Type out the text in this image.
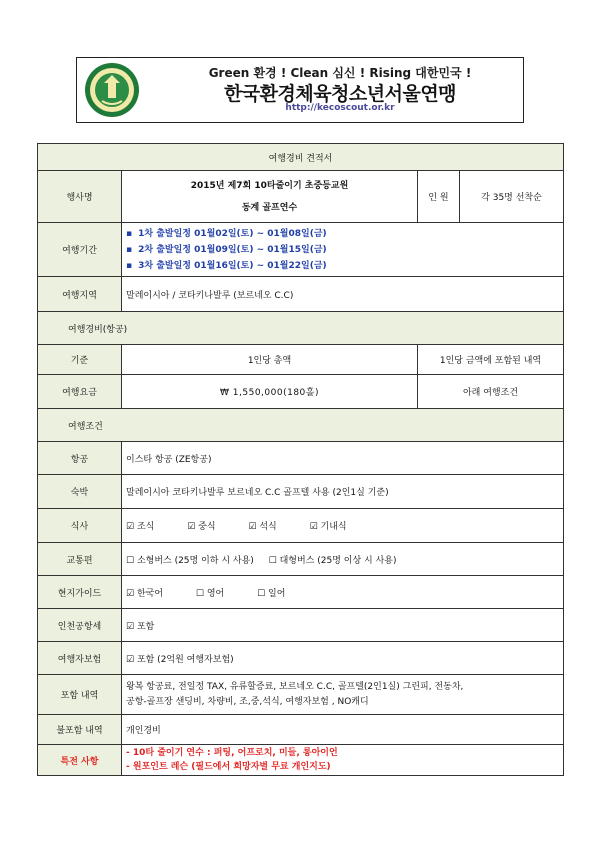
Green 환경 ! Clean 심신 ! Rising 대한민국 !
한국환경체육청소년서울연맹
http://kecoscout.or.kr
여행경비 견적서			
행사명	2015년 제7회 10타줄이기 초중등교원
동계 골프연수	인 원	각 35명 선착순
여행기간	▪ 1차 출발일정 01월02일(토) ~ 01월08일(금)
▪ 2차 출발일정 01월09일(토) ~ 01월15일(금)
▪ 3차 출발일정 01월16일(토) ~ 01월22일(금)		

여행지역	말레이시아 / 코타키나발루 (보르네오 C.C)		
여행경비(항공)			
기준	1인당 총액	1인당 금액에 포함된 내역	
여행요금	₩ 1,550,000(180홀)	아래 여행조건	
여행조건			
항공	이스타 항공 (ZE항공)		
숙박	말레이시아 코타키나발루 보르네오 C.C 골프텔 사용 (2인1실 기준)		
식사	☑ 조식 ☑ 중식 ☑ 석식 ☑ 기내식		
교통편	☐ 소형버스 (25명 이하 시 사용) ☐ 대형버스 (25명 이상 시 사용)		
현지가이드	☑ 한국어 ☐ 영어 ☐ 일어		
인천공항세	☑ 포함		
여행자보험	☑ 포함 (2억원 여행자보험)		
포함 내역	왕복 항공료, 전일정 TAX, 유류할증료, 보르네오 C.C, 골프텔(2인1실) 그린피, 전동차,
공항-골프장 샌딩비, 차량비, 조,중,석식, 여행자보험 , NO캐디		

불포함 내역	개인경비		
특전 사항	- 10타 줄이기 연수 : 퍼팅, 어프로치, 미들, 롱아이언
- 원포인트 레슨 (필드에서 희망자별 무료 개인지도)		
